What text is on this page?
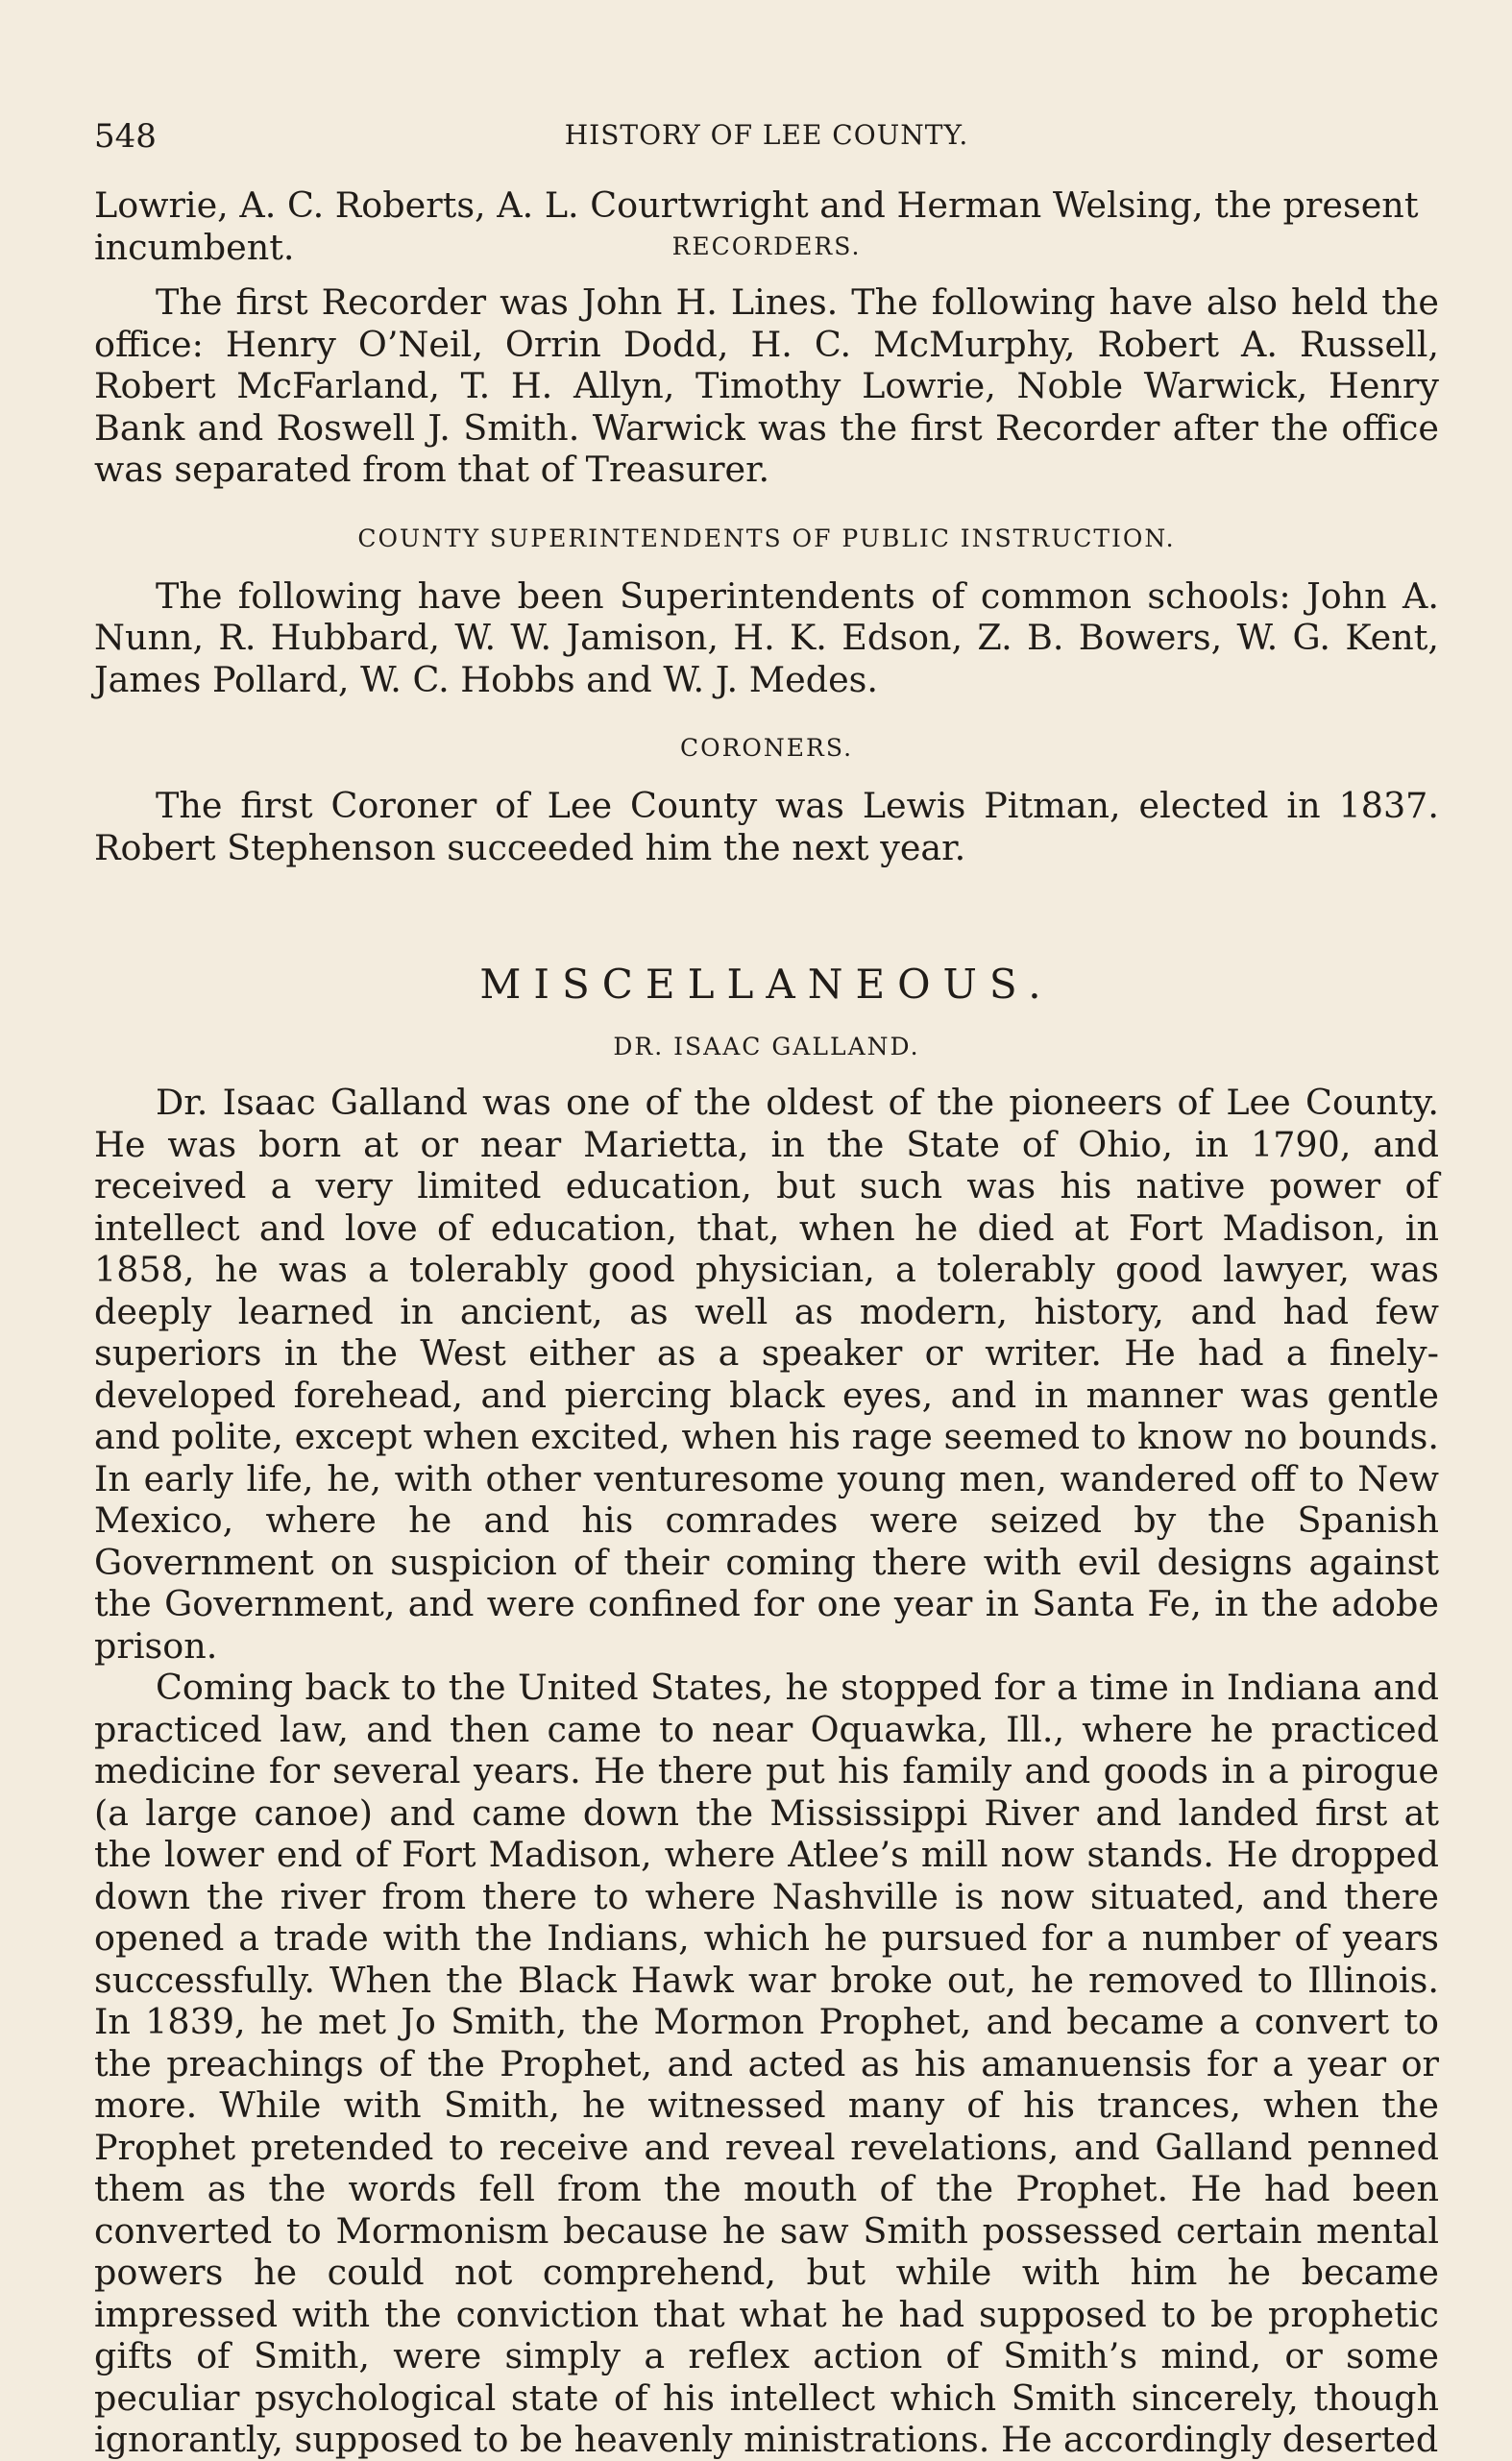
548	HISTORY OF LEE COUNTY.

Lowrie, A. C. Roberts, A. L. Courtwright and Herman Welsing, the present incumbent.	RECORDERS.

The first Recorder was John H. Lines. The following have also held the office: Henry O’Neil, Orrin Dodd, H. C. McMurphy, Robert A. Russell, Robert McFarland, T. H. Allyn, Timothy Lowrie, Noble Warwick, Henry Bank and Roswell J. Smith. Warwick was the first Recorder after the office was separated from that of Treasurer.

COUNTY SUPERINTENDENTS OF PUBLIC INSTRUCTION.

The following have been Superintendents of common schools: John A. Nunn, R. Hubbard, W. W. Jamison, H. K. Edson, Z. B. Bowers, W. G. Kent, James Pollard, W. C. Hobbs and W. J. Medes.

CORONERS.

The first Coroner of Lee County was Lewis Pitman, elected in 1837. Robert Stephenson succeeded him the next year.

MISCELLANEOUS.
DR. ISAAC GALLAND.

Dr. Isaac Galland was one of the oldest of the pioneers of Lee County. He was born at or near Marietta, in the State of Ohio, in 1790, and received a very limited education, but such was his native power of intellect and love of education, that, when he died at Fort Madison, in 1858, he was a tolerably good physician, a tolerably good lawyer, was deeply learned in ancient, as well as modern, history, and had few superiors in the West either as a speaker or writer. He had a finely-developed forehead, and piercing black eyes, and in manner was gentle and polite, except when excited, when his rage seemed to know no bounds. In early life, he, with other venturesome young men, wandered off to New Mexico, where he and his comrades were seized by the Spanish Government on suspicion of their coming there with evil designs against the Government, and were confined for one year in Santa Fe, in the adobe prison.

Coming back to the United States, he stopped for a time in Indiana and practiced law, and then came to near Oquawka, Ill., where he practiced medicine for several years. He there put his family and goods in a pirogue (a large canoe) and came down the Mississippi River and landed first at the lower end of Fort Madison, where Atlee’s mill now stands. He dropped down the river from there to where Nashville is now situated, and there opened a trade with the Indians, which he pursued for a number of years successfully. When the Black Hawk war broke out, he removed to Illinois. In 1839, he met Jo Smith, the Mormon Prophet, and became a convert to the preachings of the Prophet, and acted as his amanuensis for a year or more. While with Smith, he witnessed many of his trances, when the Prophet pretended to receive and reveal revelations, and Galland penned them as the words fell from the mouth of the Prophet. He had been converted to Mormonism because he saw Smith possessed certain mental powers he could not comprehend, but while with him he became impressed with the conviction that what he had supposed to be prophetic gifts of Smith, were simply a reflex action of Smith’s mind, or some peculiar psychological state of his intellect which Smith sincerely, though ignorantly, supposed to be heavenly ministrations. He accordingly deserted
